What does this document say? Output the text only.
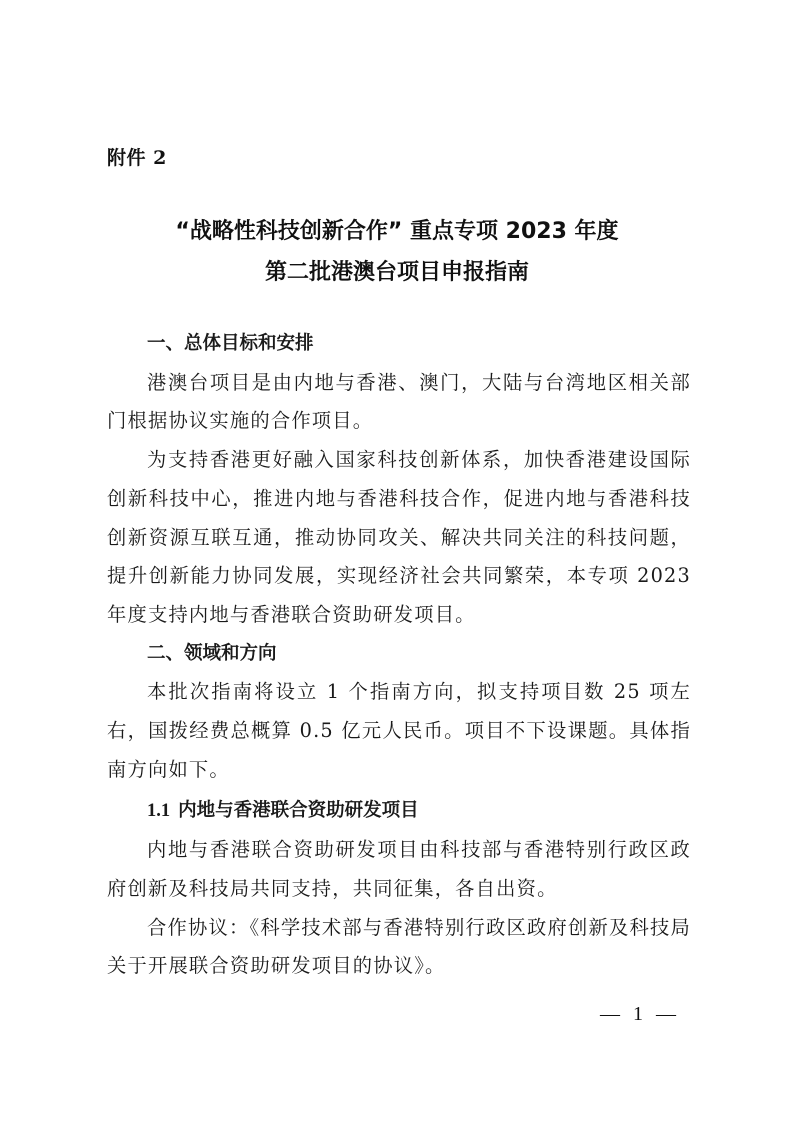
附件 2
“战略性科技创新合作” 重点专项 2023 年度
第二批港澳台项目申报指南
一、总体目标和安排

港澳台项目是由内地与香港、澳门，大陆与台湾地区相关部门根据协议实施的合作项目。

为支持香港更好融入国家科技创新体系，加快香港建设国际创新科技中心，推进内地与香港科技合作，促进内地与香港科技创新资源互联互通，推动协同攻关、解决共同关注的科技问题，提升创新能力协同发展，实现经济社会共同繁荣，本专项 2023 年度支持内地与香港联合资助研发项目。

二、领域和方向

本批次指南将设立 1 个指南方向，拟支持项目数 25 项左右，国拨经费总概算 0.5 亿元人民币。项目不下设课题。具体指南方向如下。

1.1 内地与香港联合资助研发项目

内地与香港联合资助研发项目由科技部与香港特别行政区政府创新及科技局共同支持，共同征集，各自出资。

合作协议：《科学技术部与香港特别行政区政府创新及科技局关于开展联合资助研发项目的协议》。

— 1 —
